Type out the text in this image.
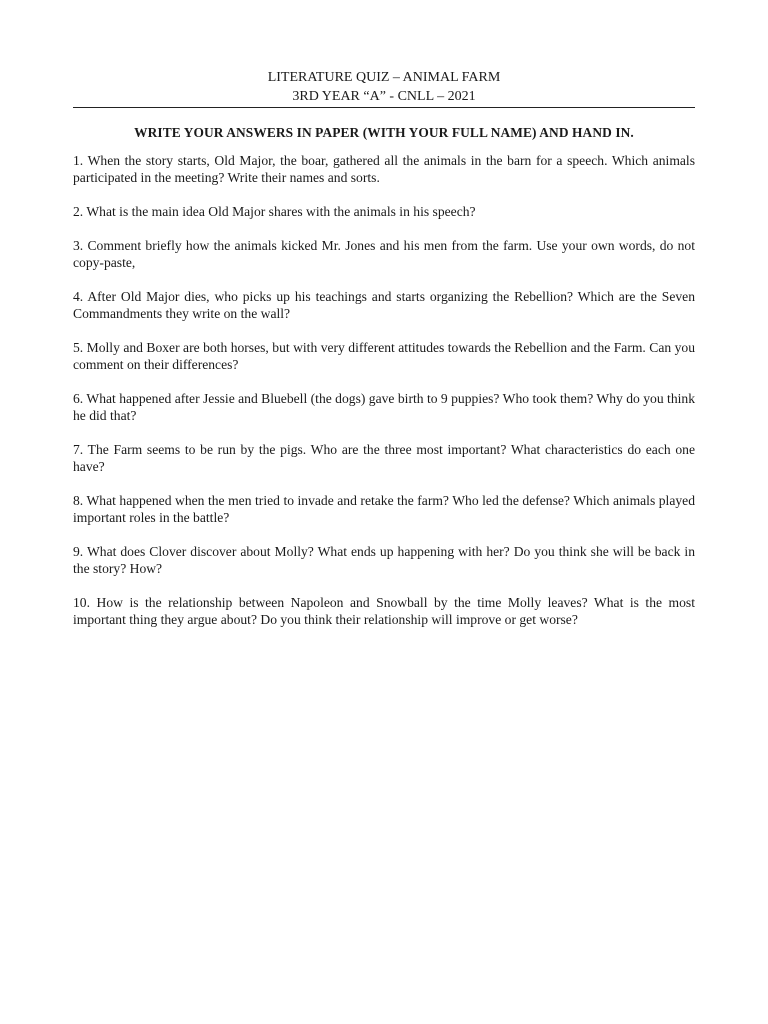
LITERATURE QUIZ – ANIMAL FARM
3RD YEAR “A” - CNLL – 2021
WRITE YOUR ANSWERS IN PAPER (WITH YOUR FULL NAME) AND HAND IN.

1. When the story starts, Old Major, the boar, gathered all the animals in the barn for a speech. Which animals participated in the meeting? Write their names and sorts.

2. What is the main idea Old Major shares with the animals in his speech?

3. Comment briefly how the animals kicked Mr. Jones and his men from the farm. Use your own words, do not copy-paste,

4. After Old Major dies, who picks up his teachings and starts organizing the Rebellion? Which are the Seven Commandments they write on the wall?

5. Molly and Boxer are both horses, but with very different attitudes towards the Rebellion and the Farm. Can you comment on their differences?

6. What happened after Jessie and Bluebell (the dogs) gave birth to 9 puppies? Who took them? Why do you think he did that?

7. The Farm seems to be run by the pigs. Who are the three most important? What characteristics do each one have?

8. What happened when the men tried to invade and retake the farm? Who led the defense? Which animals played important roles in the battle?

9. What does Clover discover about Molly? What ends up happening with her? Do you think she will be back in the story? How?

10. How is the relationship between Napoleon and Snowball by the time Molly leaves? What is the most important thing they argue about? Do you think their relationship will improve or get worse?
